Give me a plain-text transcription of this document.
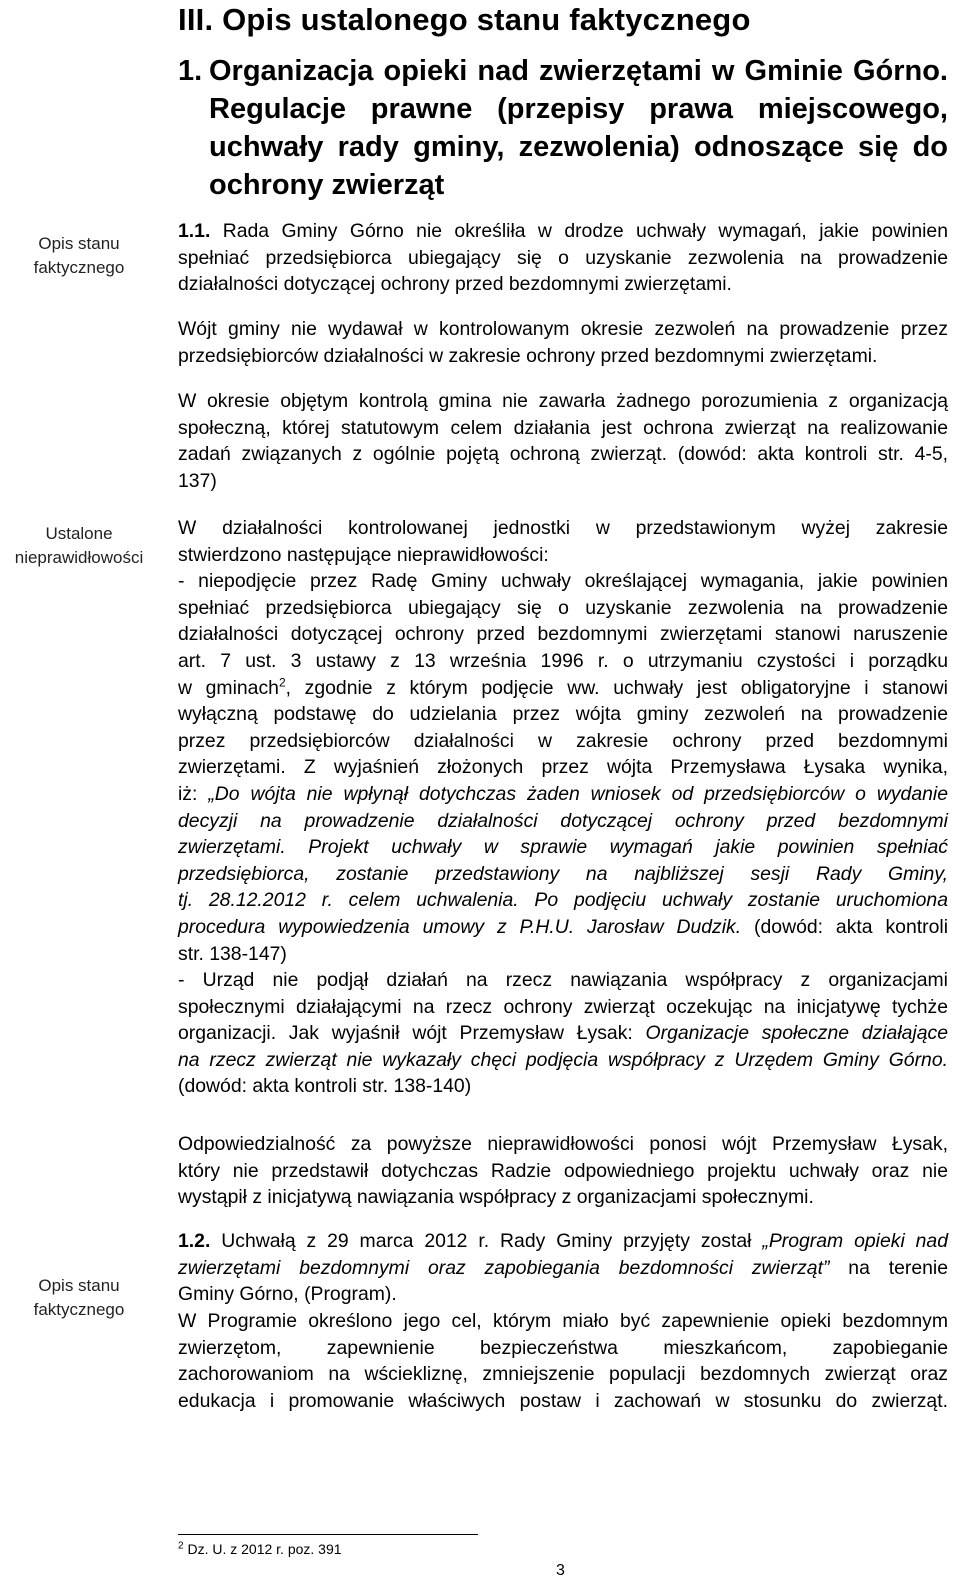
Opis stanu
faktycznego
Ustalone
nieprawidłowości
Opis stanu
faktycznego
III. Opis ustalonego stanu faktycznego
1. Organizacja opieki nad zwierzętami w Gminie Górno.
Regulacje prawne (przepisy prawa miejscowego,
uchwały rady gminy, zezwolenia) odnoszące się do
ochrony zwierząt
1.1. Rada Gminy Górno nie określiła w drodze uchwały wymagań, jakie powinien
spełniać przedsiębiorca ubiegający się o uzyskanie zezwolenia na prowadzenie
działalności dotyczącej ochrony przed bezdomnymi zwierzętami.
Wójt gminy nie wydawał w kontrolowanym okresie zezwoleń na prowadzenie przez
przedsiębiorców działalności w zakresie ochrony przed bezdomnymi zwierzętami.
W okresie objętym kontrolą gmina nie zawarła żadnego porozumienia z organizacją
społeczną, której statutowym celem działania jest ochrona zwierząt na realizowanie
zadań związanych z ogólnie pojętą ochroną zwierząt. (dowód: akta kontroli str. 4-5,
137)
W działalności kontrolowanej jednostki w przedstawionym wyżej zakresie
stwierdzono następujące nieprawidłowości:
- niepodjęcie przez Radę Gminy uchwały określającej wymagania, jakie powinien
spełniać przedsiębiorca ubiegający się o uzyskanie zezwolenia na prowadzenie
działalności dotyczącej ochrony przed bezdomnymi zwierzętami stanowi naruszenie
art. 7 ust. 3 ustawy z 13 września 1996 r. o utrzymaniu czystości i porządku
w gminach$^2$, zgodnie z którym podjęcie ww. uchwały jest obligatoryjne i stanowi
wyłączną podstawę do udzielania przez wójta gminy zezwoleń na prowadzenie
przez przedsiębiorców działalności w zakresie ochrony przed bezdomnymi
zwierzętami. Z wyjaśnień złożonych przez wójta Przemysława Łysaka wynika,
iż: „Do wójta nie wpłynął dotychczas żaden wniosek od przedsiębiorców o wydanie
decyzji na prowadzenie działalności dotyczącej ochrony przed bezdomnymi
zwierzętami. Projekt uchwały w sprawie wymagań jakie powinien spełniać
przedsiębiorca, zostanie przedstawiony na najbliższej sesji Rady Gminy,
tj. 28.12.2012 r. celem uchwalenia. Po podjęciu uchwały zostanie uruchomiona
procedura wypowiedzenia umowy z P.H.U. Jarosław Dudzik. (dowód: akta kontroli
str. 138-147)
- Urząd nie podjął działań na rzecz nawiązania współpracy z organizacjami
społecznymi działającymi na rzecz ochrony zwierząt oczekując na inicjatywę tychże
organizacji. Jak wyjaśnił wójt Przemysław Łysak: Organizacje społeczne działające
na rzecz zwierząt nie wykazały chęci podjęcia współpracy z Urzędem Gminy Górno.
(dowód: akta kontroli str. 138-140)
Odpowiedzialność za powyższe nieprawidłowości ponosi wójt Przemysław Łysak,
który nie przedstawił dotychczas Radzie odpowiedniego projektu uchwały oraz nie
wystąpił z inicjatywą nawiązania współpracy z organizacjami społecznymi.
1.2. Uchwałą z 29 marca 2012 r. Rady Gminy przyjęty został „Program opieki nad
zwierzętami bezdomnymi oraz zapobiegania bezdomności zwierząt” na terenie
Gminy Górno, (Program).
W Programie określono jego cel, którym miało być zapewnienie opieki bezdomnym
zwierzętom, zapewnienie bezpieczeństwa mieszkańcom, zapobieganie
zachorowaniom na wściekliznę, zmniejszenie populacji bezdomnych zwierząt oraz
edukacja i promowanie właściwych postaw i zachowań w stosunku do zwierząt.
$^2$ Dz. U. z 2012 r. poz. 391
3
